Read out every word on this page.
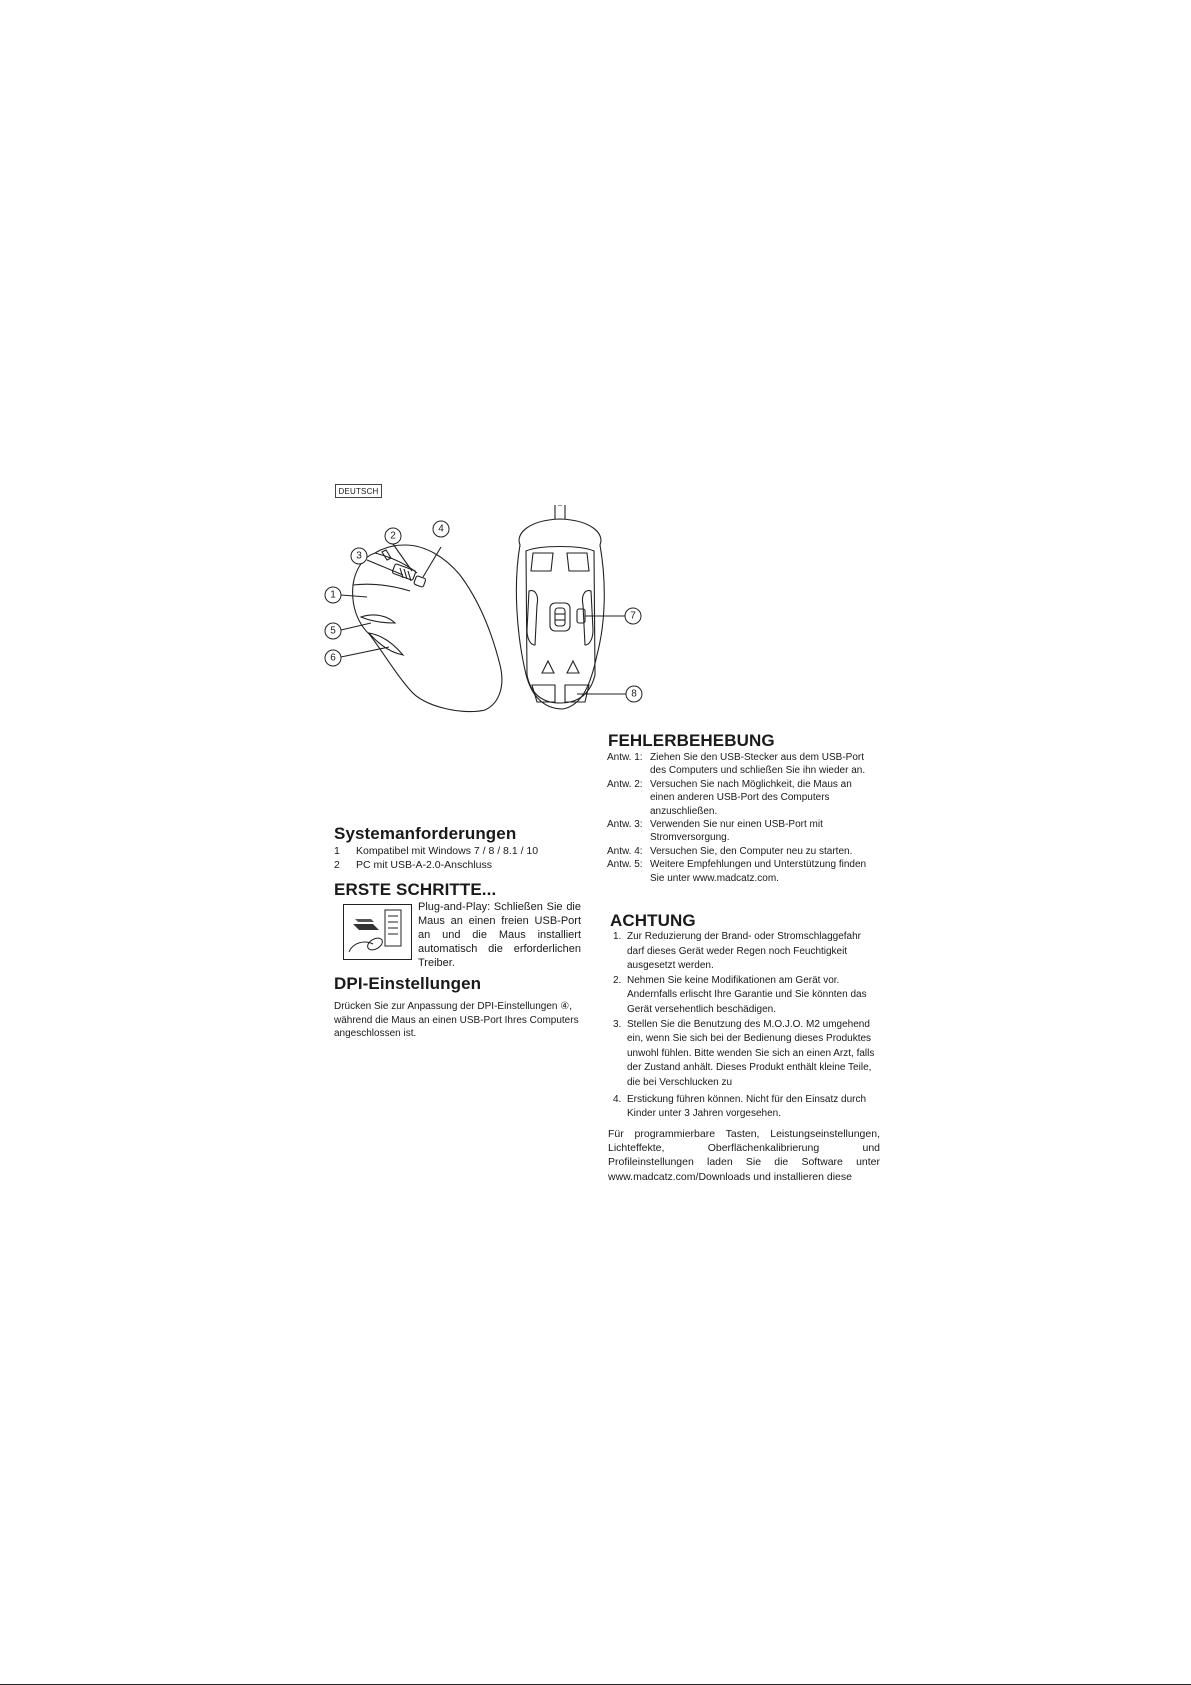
DEUTSCH
1
2
3
4
5
6
7
8
Systemanforderungen
1	Kompatibel mit Windows 7 / 8 / 8.1 / 10
2	PC mit USB-A-2.0-Anschluss
ERSTE SCHRITTE...
Plug-and-Play: Schließen Sie die Maus an einen freien USB-Port an und die Maus installiert automatisch die erforderlichen Treiber.
DPI-Einstellungen
Drücken Sie zur Anpassung der DPI-Einstellungen ④, während die Maus an einen USB-Port Ihres Computers angeschlossen ist.
FEHLERBEHEBUNG
Antw. 1: Ziehen Sie den USB-Stecker aus dem USB-Port des Computers und schließen Sie ihn wieder an.
Antw. 2: Versuchen Sie nach Möglichkeit, die Maus an einen anderen USB-Port des Computers anzuschließen.
Antw. 3: Verwenden Sie nur einen USB-Port mit Stromversorgung.
Antw. 4: Versuchen Sie, den Computer neu zu starten.
Antw. 5: Weitere Empfehlungen und Unterstützung finden Sie unter www.madcatz.com.
ACHTUNG
1. Zur Reduzierung der Brand- oder Stromschlaggefahr darf dieses Gerät weder Regen noch Feuchtigkeit ausgesetzt werden.
2. Nehmen Sie keine Modifikationen am Gerät vor. Andernfalls erlischt Ihre Garantie und Sie könnten das Gerät versehentlich beschädigen.
3. Stellen Sie die Benutzung des M.O.J.O. M2 umgehend ein, wenn Sie sich bei der Bedienung dieses Produktes unwohl fühlen. Bitte wenden Sie sich an einen Arzt, falls der Zustand anhält. Dieses Produkt enthält kleine Teile, die bei Verschlucken zu
4. Erstickung führen können. Nicht für den Einsatz durch Kinder unter 3 Jahren vorgesehen.
Für programmierbare Tasten, Leistungseinstellungen, Lichteffekte, Oberflächenkalibrierung und Profileinstellungen laden Sie die Software unter www.madcatz.com/Downloads und installieren diese
